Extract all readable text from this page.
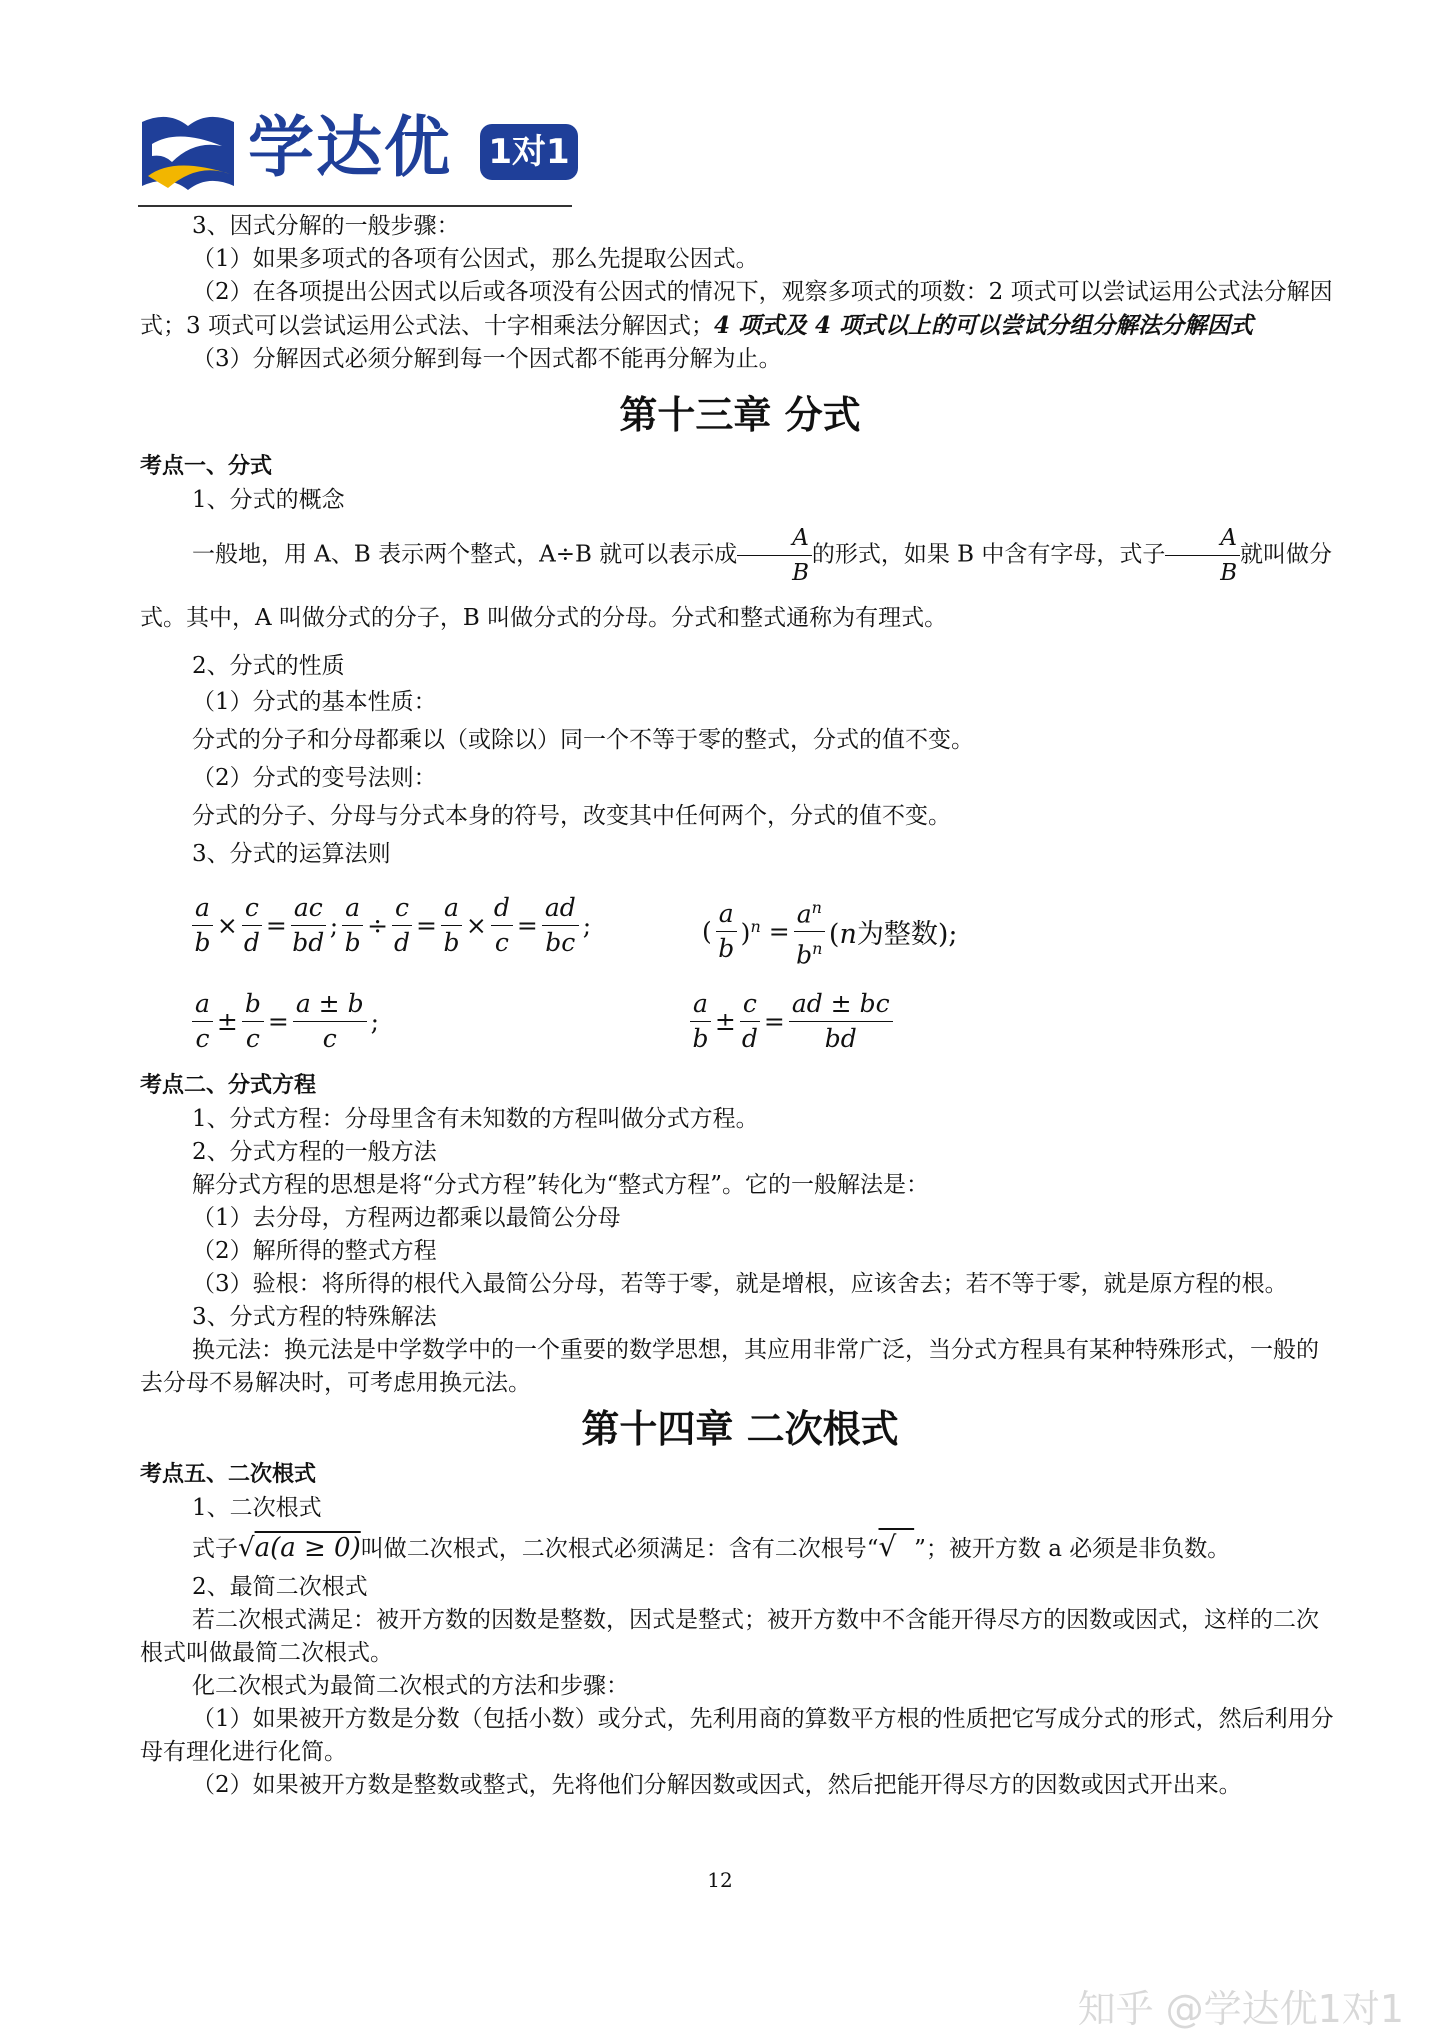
学达优 1对1

3、因式分解的一般步骤：

（1）如果多项式的各项有公因式，那么先提取公因式。

（2）在各项提出公因式以后或各项没有公因式的情况下，观察多项式的项数：2 项式可以尝试运用公式法分解因式；3 项式可以尝试运用公式法、十字相乘法分解因式；4 项式及 4 项式以上的可以尝试分组分解法分解因式

（3）分解因式必须分解到每一个因式都不能再分解为止。

第十三章 分式

考点一、分式

1、分式的概念

一般地，用 A、B 表示两个整式，A÷B 就可以表示成 $\frac{A}{B}$ 的形式，如果 B 中含有字母，式子 $\frac{A}{B}$ 就叫做分式。其中，A 叫做分式的分子，B 叫做分式的分母。分式和整式通称为有理式。

2、分式的性质

（1）分式的基本性质：

分式的分子和分母都乘以（或除以）同一个不等于零的整式，分式的值不变。

（2）分式的变号法则：

分式的分子、分母与分式本身的符号，改变其中任何两个，分式的值不变。

3、分式的运算法则

$\frac{a}{b} \times \frac{c}{d} = \frac{ac}{bd}$ ; $\frac{a}{b} \div \frac{c}{d} = \frac{a}{b} \times \frac{d}{c} = \frac{ad}{bc}$ ;	( $\frac{a}{b} )^n = \frac{a^n}{b^n} (n$为整数);
$\frac{a}{c} \pm \frac{b}{c} = \frac{a \pm b}{c}$ ;	$\frac{a}{b} \pm \frac{c}{d} = \frac{ad \pm bc}{bd}$

考点二、分式方程

1、分式方程：分母里含有未知数的方程叫做分式方程。

2、分式方程的一般方法

解分式方程的思想是将“分式方程”转化为“整式方程”。它的一般解法是：

（1）去分母，方程两边都乘以最简公分母

（2）解所得的整式方程

（3）验根：将所得的根代入最简公分母，若等于零，就是增根，应该舍去；若不等于零，就是原方程的根。

3、分式方程的特殊解法

换元法：换元法是中学数学中的一个重要的数学思想，其应用非常广泛，当分式方程具有某种特殊形式，一般的去分母不易解决时，可考虑用换元法。

第十四章 二次根式

考点五、二次根式

1、二次根式

式子√a(a ≥ 0)叫做二次根式，二次根式必须满足：含有二次根号“√  ”；被开方数 a 必须是非负数。

2、最简二次根式

若二次根式满足：被开方数的因数是整数，因式是整式；被开方数中不含能开得尽方的因数或因式，这样的二次根式叫做最简二次根式。

化二次根式为最简二次根式的方法和步骤：

（1）如果被开方数是分数（包括小数）或分式，先利用商的算数平方根的性质把它写成分式的形式，然后利用分母有理化进行化简。

（2）如果被开方数是整数或整式，先将他们分解因数或因式，然后把能开得尽方的因数或因式开出来。

12
知乎 @学达优1对1
